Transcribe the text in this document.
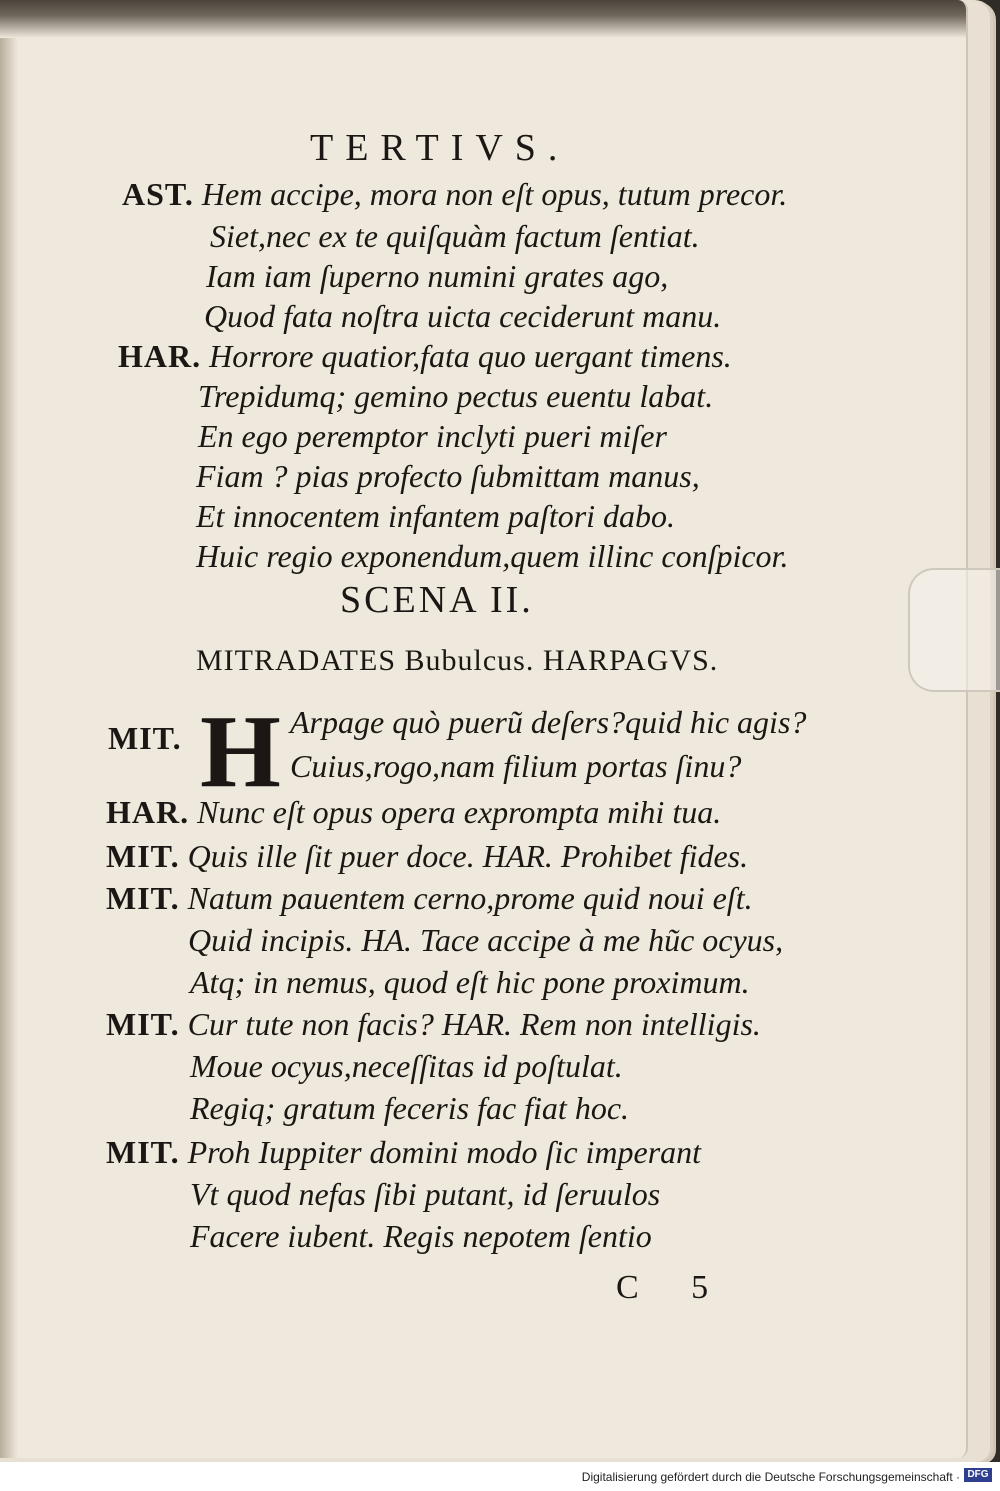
TERTIVS.
AST. Hem accipe, mora non eſt opus, tutum precor.
Siet,nec ex te quiſquàm factum ſentiat.
Iam iam ſuperno numini grates ago,
Quod fata noſtra uicta ceciderunt manu.
HAR. Horrore quatior,fata quo uergant timens.
Trepidumq; gemino pectus euentu labat.
En ego peremptor inclyti pueri miſer
Fiam ? pias profecto ſubmittam manus,
Et innocentem infantem paſtori dabo.
Huic regio exponendum,quem illinc conſpicor.
SCENA II.
MITRADATES Bubulcus. HARPAGVS.
MIT. H Arpage quò puerũ deſers?quid hic agis?
Cuius,rogo,nam filium portas ſinu?
HAR. Nunc eſt opus opera exprompta mihi tua.
MIT. Quis ille ſit puer doce. HAR. Prohibet fides.
MIT. Natum pauentem cerno,prome quid noui eſt.
Quid incipis. HA. Tace accipe à me hũc ocyus,
Atq; in nemus, quod eſt hic pone proximum.
MIT. Cur tute non facis? HAR. Rem non intelligis.
Moue ocyus,neceſſitas id poſtulat.
Regiq; gratum feceris fac fiat hoc.
MIT. Proh Iuppiter domini modo ſic imperant
Vt quod nefas ſibi putant, id ſeruulos
Facere iubent. Regis nepotem ſentio
C 5
Digitalisierung gefördert durch die Deutsche Forschungsgemeinschaft · DFG
